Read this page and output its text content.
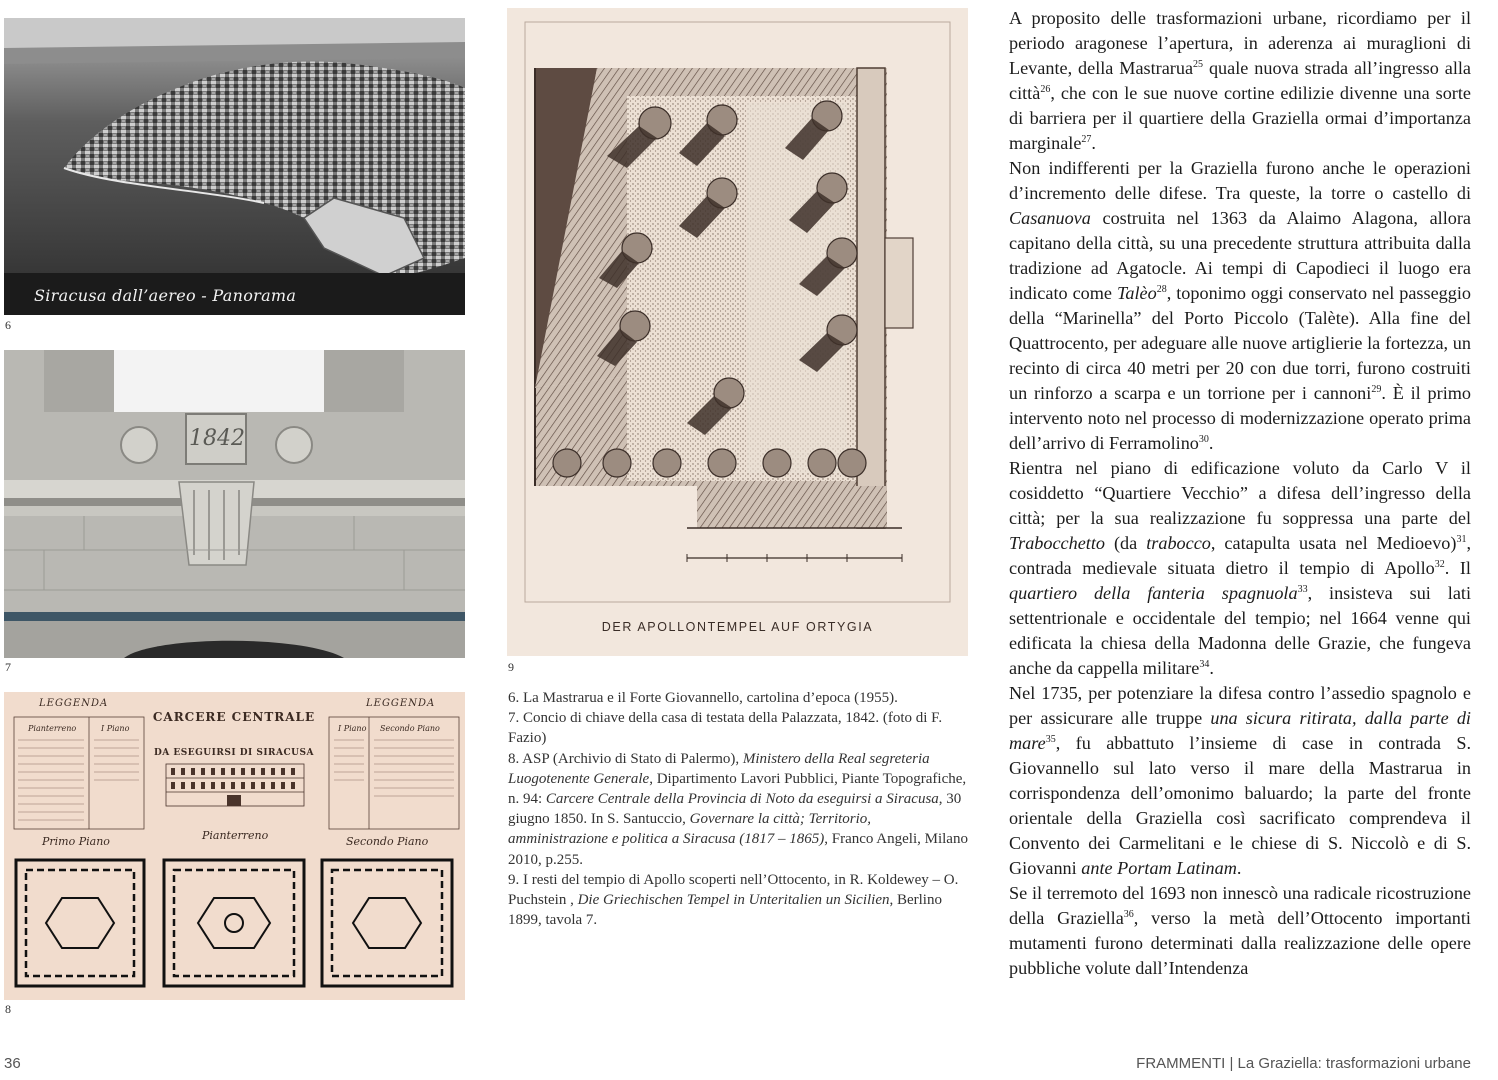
Siracusa dall’aereo - Panorama
6
1842
7
LEGGENDA	LEGGENDA
Pianterreno	I Piano	I Piano Secondo Piano
CARCERE CENTRALE
DA ESEGUIRSI DI SIRACUSA
Primo Piano	Pianterreno	Secondo Piano
8
DER APOLLONTEMPEL AUF ORTYGIA
9

6. La Mastrarua e il Forte Giovannello, cartolina d’epoca (1955).

7. Concio di chiave della casa di testata della Palazzata, 1842. (foto di F. Fazio)

8. ASP (Archivio di Stato di Palermo), Ministero della Real segreteria Luogotenente Generale, Dipartimento Lavori Pubblici, Piante Topografiche, n. 94: Carcere Centrale della Provincia di Noto da eseguirsi a Siracusa, 30 giugno 1850. In S. Santuccio, Governare la città; Territorio, amministrazione e politica a Siracusa (1817 – 1865), Franco Angeli, Milano 2010, p.255.

9. I resti del tempio di Apollo scoperti nell’Ottocento, in R. Koldewey – O. Puchstein , Die Griechischen Tempel in Unteritalien un Sicilien, Berlino 1899, tavola 7.

A proposito delle trasformazioni urbane, ricordiamo per il periodo aragonese l’apertura, in aderenza ai muraglioni di Levante, della Mastrarua$^{25}$ quale nuova strada all’ingresso alla città$^{26}$, che con le sue nuove cortine edilizie divenne una sorte di barriera per il quartiere della Graziella ormai d’importanza marginale$^{27}$.

Non indifferenti per la Graziella furono anche le operazioni d’incremento delle difese. Tra queste, la torre o castello di Casanuova costruita nel 1363 da Alaimo Alagona, allora capitano della città, su una precedente struttura attribuita dalla tradizione ad Agatocle. Ai tempi di Capodieci il luogo era indicato come Talèo$^{28}$, toponimo oggi conservato nel passeggio della “Marinella” del Porto Piccolo (Talète). Alla fine del Quattrocento, per adeguare alle nuove artiglierie la fortezza, un recinto di circa 40 metri per 20 con due torri, furono costruiti un rinforzo a scarpa e un torrione per i cannoni$^{29}$. È il primo intervento noto nel processo di modernizzazione operato prima dell’arrivo di Ferramolino$^{30}$.

Rientra nel piano di edificazione voluto da Carlo V il cosiddetto “Quartiere Vecchio” a difesa dell’ingresso della città; per la sua realizzazione fu soppressa una parte del Trabocchetto (da trabocco, catapulta usata nel Medioevo)$^{31}$, contrada medievale situata dietro il tempio di Apollo$^{32}$. Il quartiero della fanteria spagnuola$^{33}$, insisteva sui lati settentrionale e occidentale del tempio; nel 1664 venne qui edificata la chiesa della Madonna delle Grazie, che fungeva anche da cappella militare$^{34}$.

Nel 1735, per potenziare la difesa contro l’assedio spagnolo e per assicurare alle truppe una sicura ritirata, dalla parte di mare$^{35}$, fu abbattuto l’insieme di case in contrada S. Giovannello sul lato verso il mare della Mastrarua in corrispondenza dell’omonimo baluardo; la parte del fronte orientale della Graziella così sacrificato comprendeva il Convento dei Carmelitani e le chiese di S. Niccolò e di S. Giovanni ante Portam Latinam.

Se il terremoto del 1693 non innescò una radicale ricostruzione della Graziella$^{36}$, verso la metà dell’Ottocento importanti mutamenti furono determinati dalla realizzazione delle opere pubbliche volute dall’Intendenza

36	FRAMMENTI | La Graziella: trasformazioni urbane
